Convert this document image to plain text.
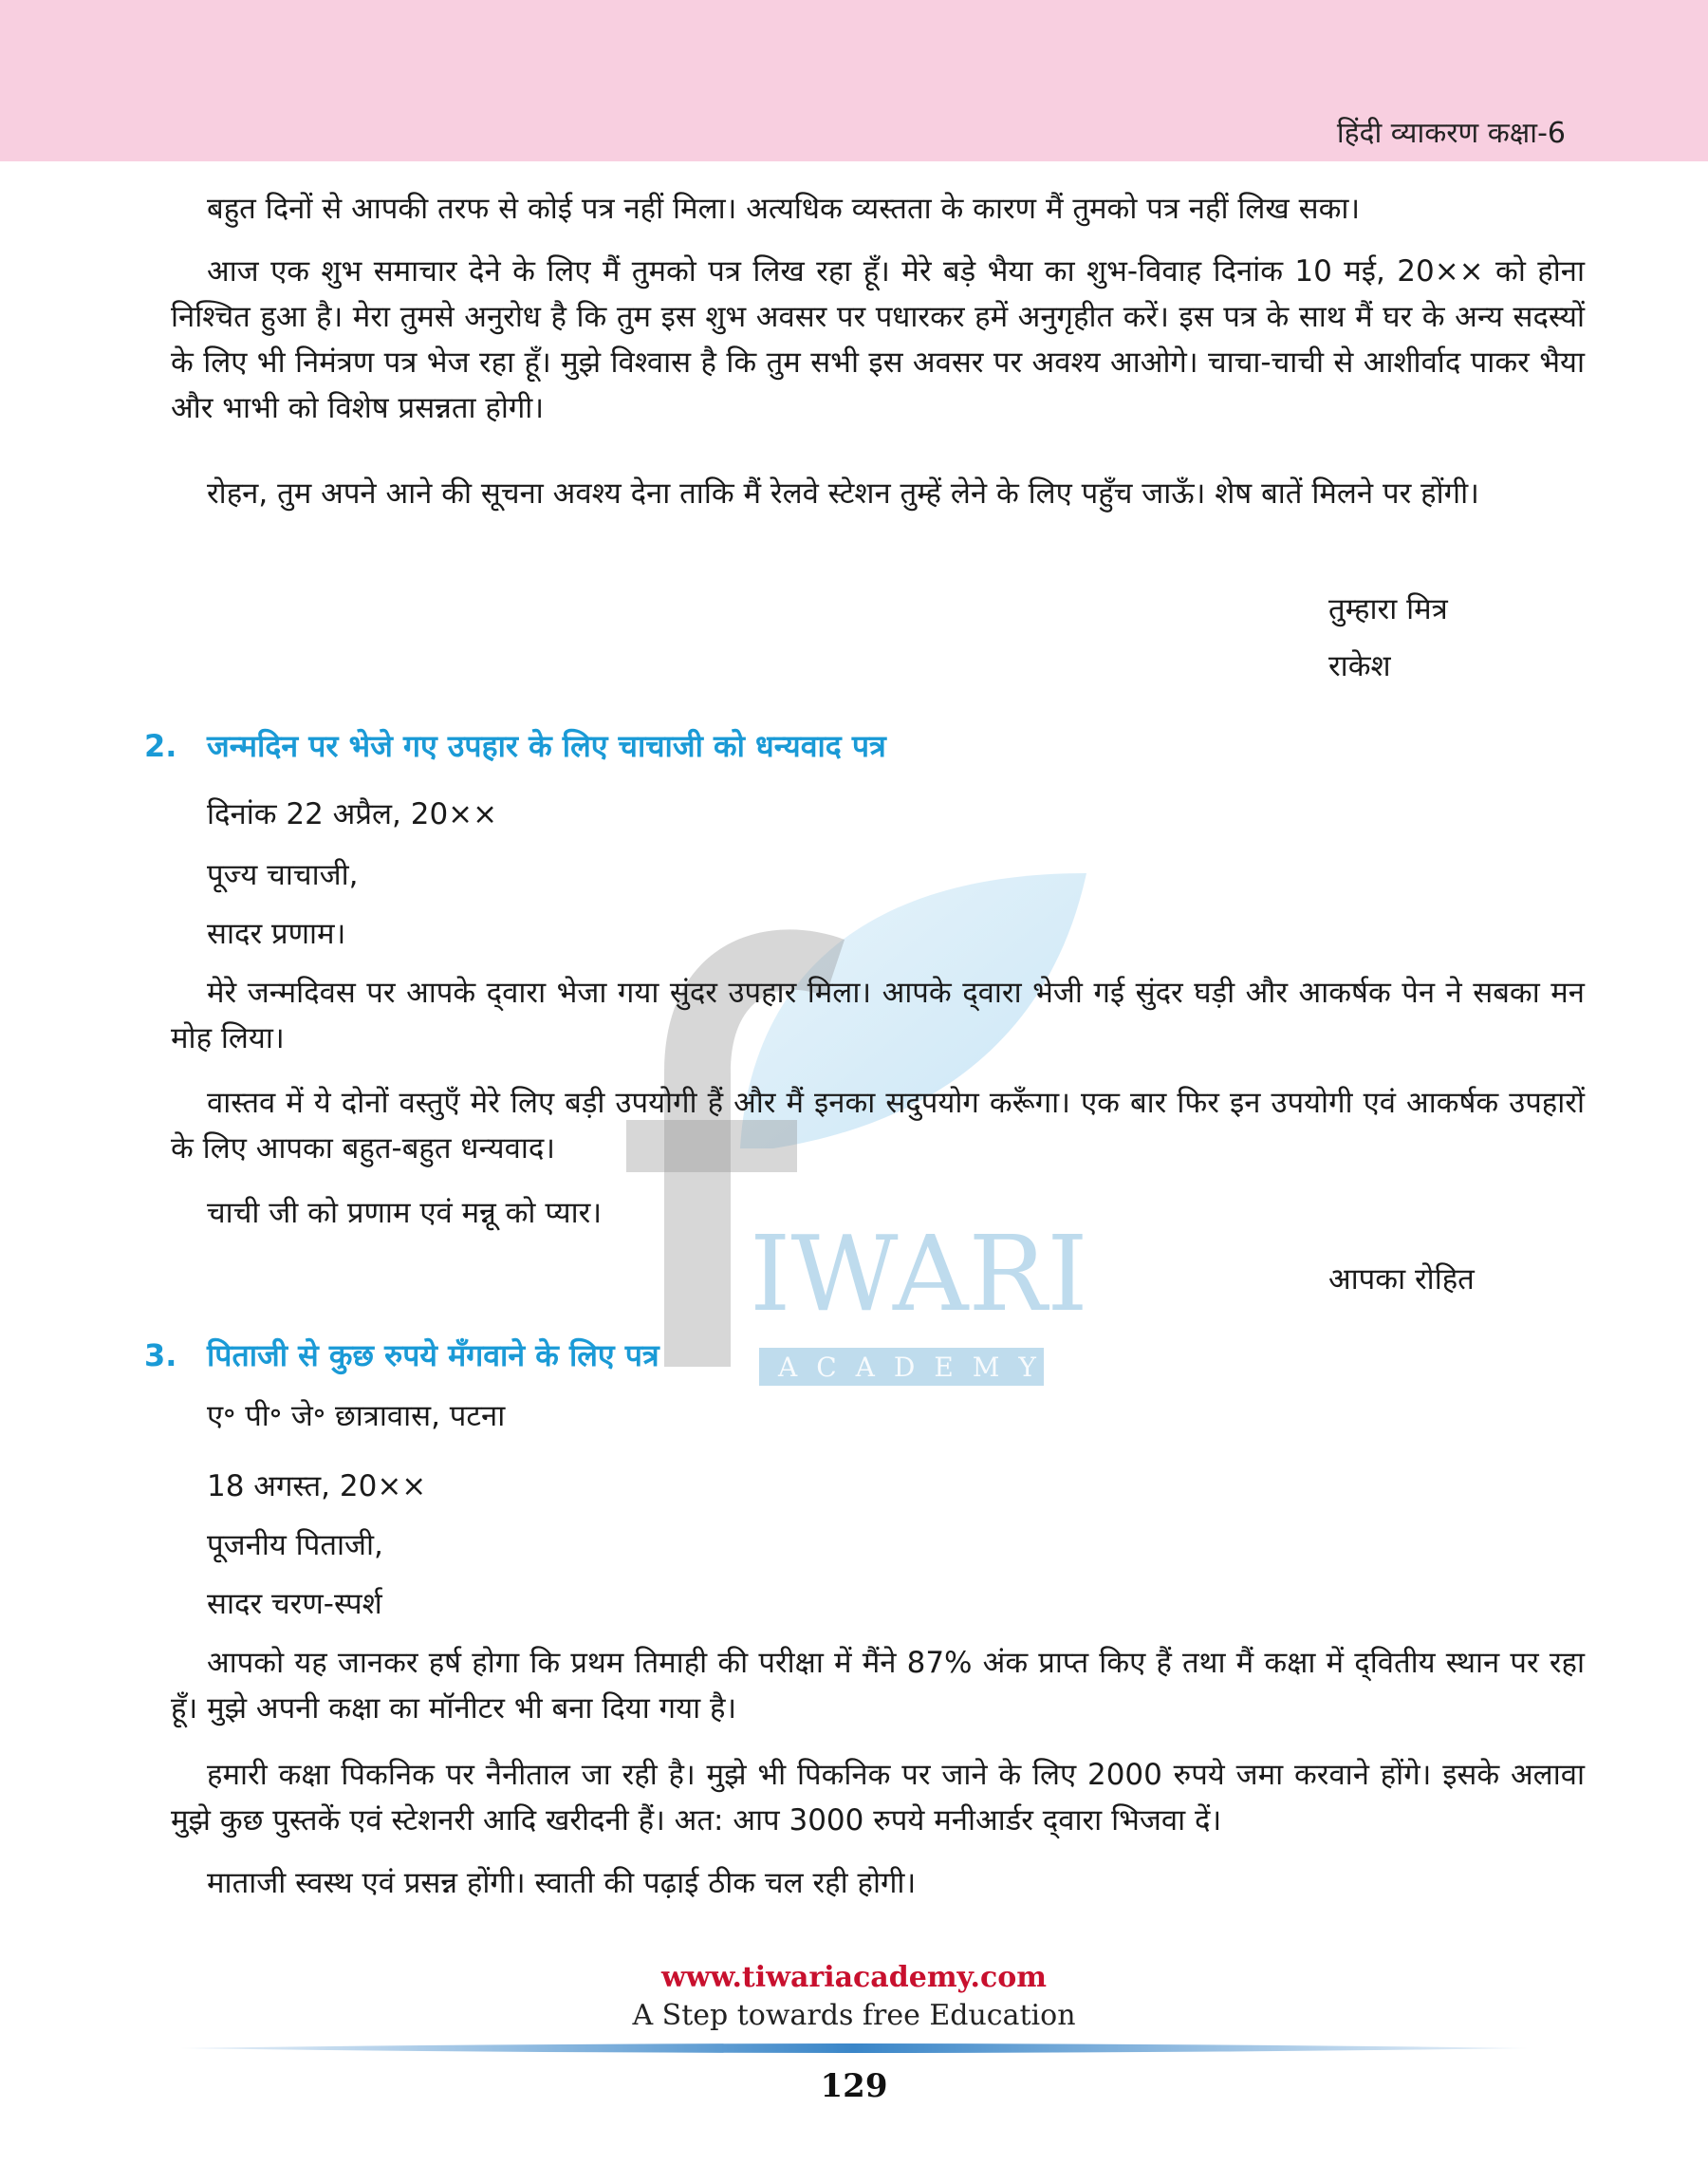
हिंदी व्याकरण कक्षा-6
IWARI
ACADEMY

बहुत दिनों से आपकी तरफ से कोई पत्र नहीं मिला। अत्यधिक व्यस्तता के कारण मैं तुमको पत्र नहीं लिख सका।

आज एक शुभ समाचार देने के लिए मैं तुमको पत्र लिख रहा हूँ। मेरे बड़े भैया का शुभ-विवाह दिनांक 10 मई, 20×× को होना निश्चित हुआ है। मेरा तुमसे अनुरोध है कि तुम इस शुभ अवसर पर पधारकर हमें अनुगृहीत करें। इस पत्र के साथ मैं घर के अन्य सदस्यों के लिए भी निमंत्रण पत्र भेज रहा हूँ। मुझे विश्वास है कि तुम सभी इस अवसर पर अवश्य आओगे। चाचा-चाची से आशीर्वाद पाकर भैया और भाभी को विशेष प्रसन्नता होगी।

रोहन, तुम अपने आने की सूचना अवश्य देना ताकि मैं रेलवे स्टेशन तुम्हें लेने के लिए पहुँच जाऊँ। शेष बातें मिलने पर होंगी।

तुम्हारा मित्र

राकेश

2. जन्मदिन पर भेजे गए उपहार के लिए चाचाजी को धन्यवाद पत्र

दिनांक 22 अप्रैल, 20××

पूज्य चाचाजी,

सादर प्रणाम।

मेरे जन्मदिवस पर आपके द्‌वारा भेजा गया सुंदर उपहार मिला। आपके द्‌वारा भेजी गई सुंदर घड़ी और आकर्षक पेन ने सबका मन मोह लिया।

वास्तव में ये दोनों वस्तुएँ मेरे लिए बड़ी उपयोगी हैं और मैं इनका सदुपयोग करूँगा। एक बार फिर इन उपयोगी एवं आकर्षक उपहारों के लिए आपका बहुत-बहुत धन्यवाद।

चाची जी को प्रणाम एवं मन्नू को प्यार।

आपका रोहित

3. पिताजी से कुछ रुपये मँगवाने के लिए पत्र

ए॰ पी॰ जे॰ छात्रावास, पटना

18 अगस्त, 20××

पूजनीय पिताजी,

सादर चरण-स्पर्श

आपको यह जानकर हर्ष होगा कि प्रथम तिमाही की परीक्षा में मैंने 87% अंक प्राप्त किए हैं तथा मैं कक्षा में द्‌वितीय स्थान पर रहा हूँ। मुझे अपनी कक्षा का मॉनीटर भी बना दिया गया है।

हमारी कक्षा पिकनिक पर नैनीताल जा रही है। मुझे भी पिकनिक पर जाने के लिए 2000 रुपये जमा करवाने होंगे। इसके अलावा मुझे कुछ पुस्तकें एवं स्टेशनरी आदि खरीदनी हैं। अत: आप 3000 रुपये मनीआर्डर द्‌वारा भिजवा दें।

माताजी स्वस्थ एवं प्रसन्न होंगी। स्वाती की पढ़ाई ठीक चल रही होगी।

www.tiwariacademy.com
A Step towards free Education
129
